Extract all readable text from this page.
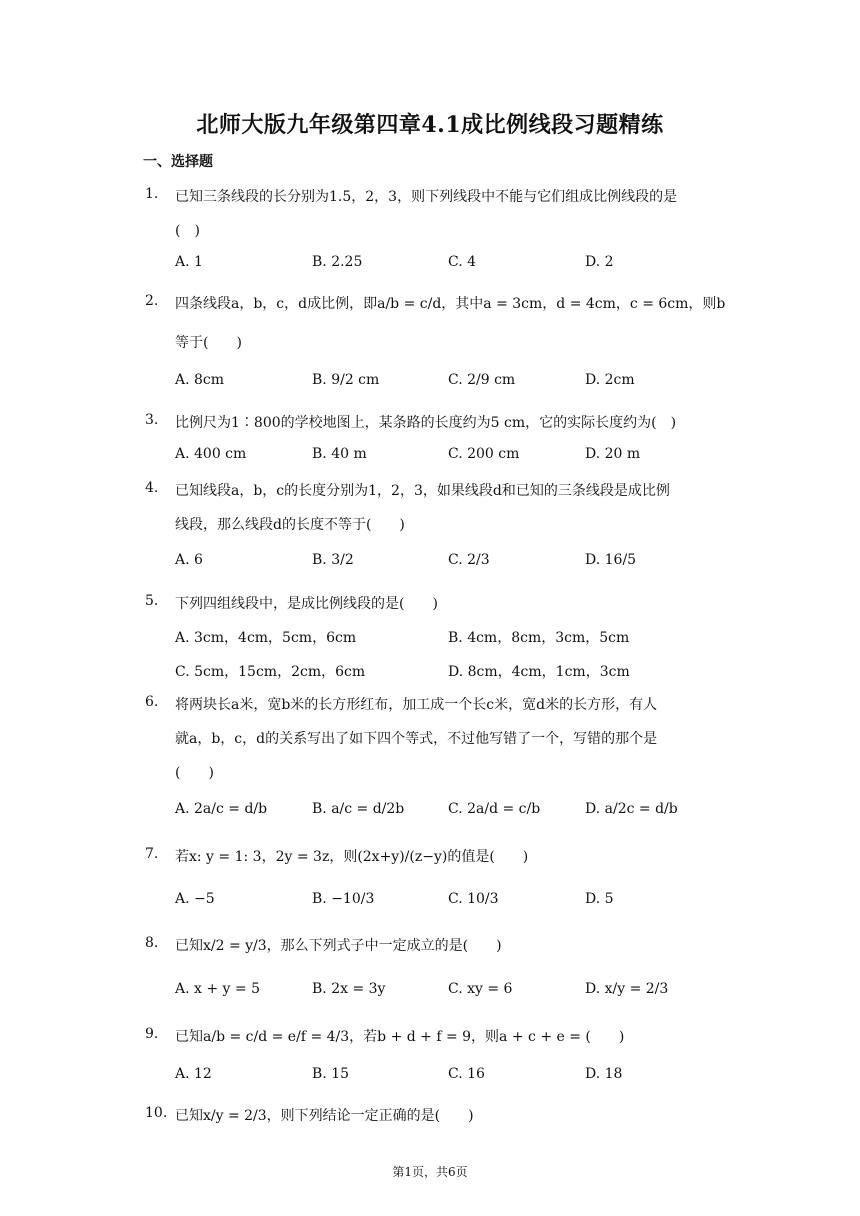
北师大版九年级第四章4.1成比例线段习题精练
一、选择题
1. 已知三条线段的长分别为1.5，2，3，则下列线段中不能与它们组成比例线段的是
(　)
A. 1	B. 2.25	C. 4	D. 2
2. 四条线段a，b，c，d成比例，即a/b = c/d，其中a = 3cm，d = 4cm，c = 6cm，则b
等于(　　)
A. 8cm	B. 9/2 cm	C. 2/9 cm	D. 2cm
3. 比例尺为1∶800的学校地图上，某条路的长度约为5 cm，它的实际长度约为(　)
A. 400 cm	B. 40 m	C. 200 cm	D. 20 m
4. 已知线段a，b，c的长度分别为1，2，3，如果线段d和已知的三条线段是成比例
线段，那么线段d的长度不等于(　　)
A. 6	B. 3/2	C. 2/3	D. 16/5
5. 下列四组线段中，是成比例线段的是(　　)
A. 3cm，4cm，5cm，6cm	B. 4cm，8cm，3cm，5cm
C. 5cm，15cm，2cm，6cm	D. 8cm，4cm，1cm，3cm
6. 将两块长a米，宽b米的长方形红布，加工成一个长c米，宽d米的长方形，有人
就a，b，c，d的关系写出了如下四个等式，不过他写错了一个，写错的那个是
(　　)
A. 2a/c = d/b	B. a/c = d/2b	C. 2a/d = c/b	D. a/2c = d/b
7. 若x: y = 1: 3，2y = 3z，则(2x+y)/(z−y)的值是(　　)
A. −5	B. −10/3	C. 10/3	D. 5
8. 已知x/2 = y/3，那么下列式子中一定成立的是(　　)
A. x + y = 5	B. 2x = 3y	C. xy = 6	D. x/y = 2/3
9. 已知a/b = c/d = e/f = 4/3，若b + d + f = 9，则a + c + e = (　　)
A. 12	B. 15	C. 16	D. 18
10. 已知x/y = 2/3，则下列结论一定正确的是(　　)
第1页，共6页
